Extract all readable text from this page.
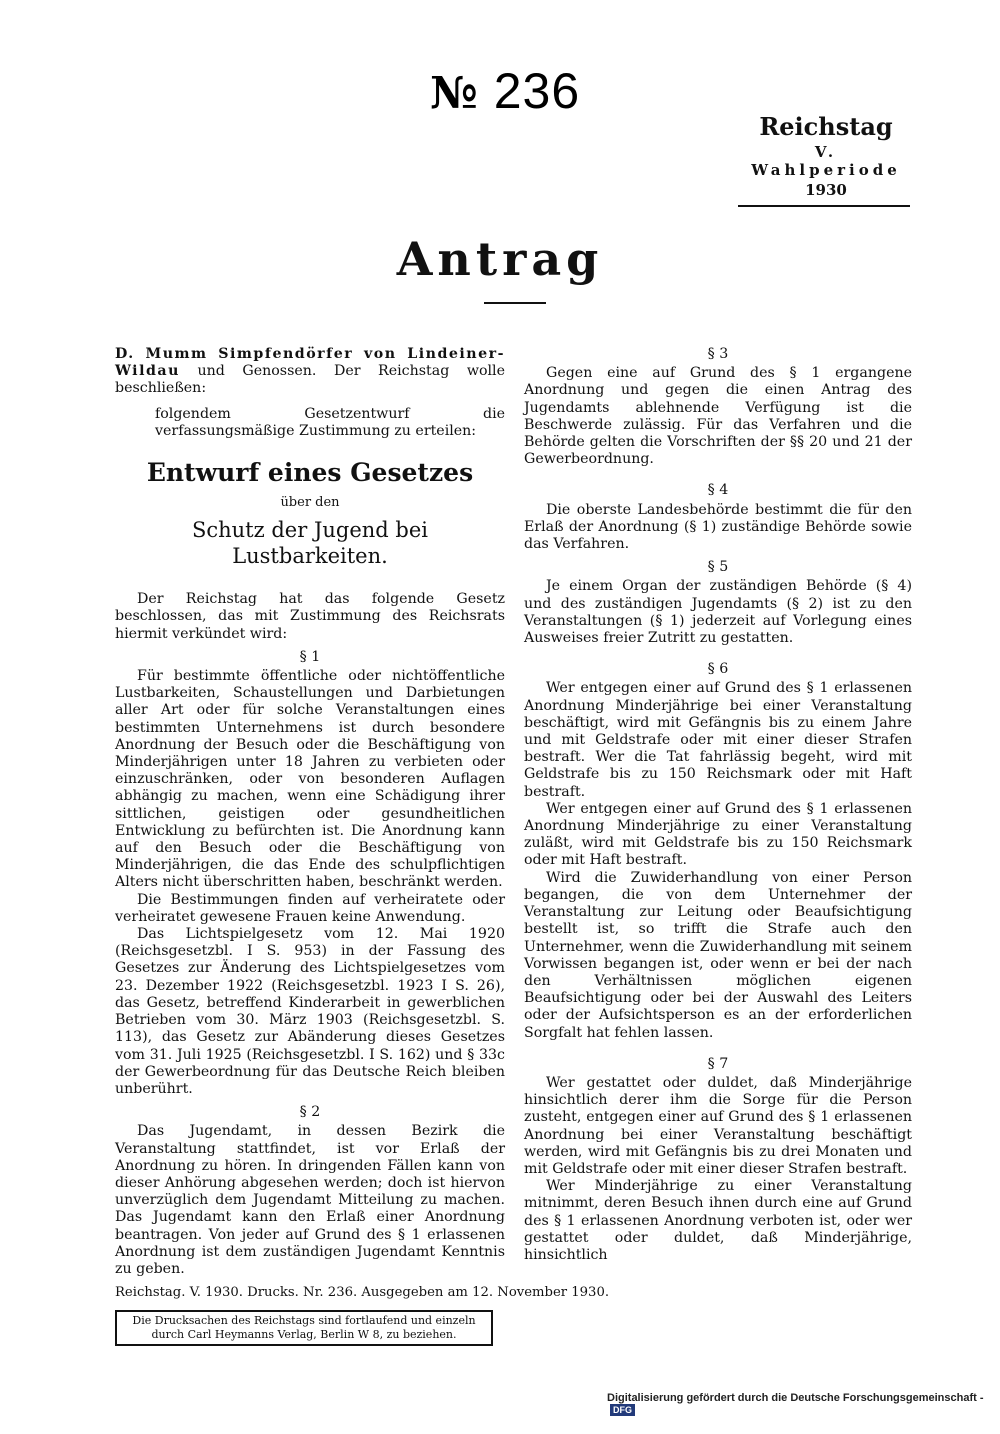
№ 236
Reichstag
V. Wahlperiode
1930
Antrag

D. Mumm Simpfendörfer von Lindeiner-Wildau und Genossen. Der Reichstag wolle beschließen:

folgendem Gesetzentwurf die verfassungsmäßige Zustimmung zu erteilen:

Entwurf eines Gesetzes
über den
Schutz der Jugend bei Lustbarkeiten.

Der Reichstag hat das folgende Gesetz beschlossen, das mit Zustimmung des Reichsrats hiermit verkündet wird:

§ 1

Für bestimmte öffentliche oder nichtöffentliche Lustbarkeiten, Schaustellungen und Darbietungen aller Art oder für solche Veranstaltungen eines bestimmten Unternehmens ist durch besondere Anordnung der Besuch oder die Beschäftigung von Minderjährigen unter 18 Jahren zu verbieten oder einzuschränken, oder von besonderen Auflagen abhängig zu machen, wenn eine Schädigung ihrer sittlichen, geistigen oder gesundheitlichen Entwicklung zu befürchten ist. Die Anordnung kann auf den Besuch oder die Beschäftigung von Minderjährigen, die das Ende des schulpflichtigen Alters nicht überschritten haben, beschränkt werden.

Die Bestimmungen finden auf verheiratete oder verheiratet gewesene Frauen keine Anwendung.

Das Lichtspielgesetz vom 12. Mai 1920 (Reichsgesetzbl. I S. 953) in der Fassung des Gesetzes zur Änderung des Lichtspielgesetzes vom 23. Dezember 1922 (Reichsgesetzbl. 1923 I S. 26), das Gesetz, betreffend Kinderarbeit in gewerblichen Betrieben vom 30. März 1903 (Reichsgesetzbl. S. 113), das Gesetz zur Abänderung dieses Gesetzes vom 31. Juli 1925 (Reichsgesetzbl. I S. 162) und § 33c der Gewerbeordnung für das Deutsche Reich bleiben unberührt.

§ 2

Das Jugendamt, in dessen Bezirk die Veranstaltung stattfindet, ist vor Erlaß der Anordnung zu hören. In dringenden Fällen kann von dieser Anhörung abgesehen werden; doch ist hiervon unverzüglich dem Jugendamt Mitteilung zu machen. Das Jugendamt kann den Erlaß einer Anordnung beantragen. Von jeder auf Grund des § 1 erlassenen Anordnung ist dem zuständigen Jugendamt Kenntnis zu geben.

§ 3

Gegen eine auf Grund des § 1 ergangene Anordnung und gegen die einen Antrag des Jugendamts ablehnende Verfügung ist die Beschwerde zulässig. Für das Verfahren und die Behörde gelten die Vorschriften der §§ 20 und 21 der Gewerbeordnung.

§ 4

Die oberste Landesbehörde bestimmt die für den Erlaß der Anordnung (§ 1) zuständige Behörde sowie das Verfahren.

§ 5

Je einem Organ der zuständigen Behörde (§ 4) und des zuständigen Jugendamts (§ 2) ist zu den Veranstaltungen (§ 1) jederzeit auf Vorlegung eines Ausweises freier Zutritt zu gestatten.

§ 6

Wer entgegen einer auf Grund des § 1 erlassenen Anordnung Minderjährige bei einer Veranstaltung beschäftigt, wird mit Gefängnis bis zu einem Jahre und mit Geldstrafe oder mit einer dieser Strafen bestraft. Wer die Tat fahrlässig begeht, wird mit Geldstrafe bis zu 150 Reichsmark oder mit Haft bestraft.

Wer entgegen einer auf Grund des § 1 erlassenen Anordnung Minderjährige zu einer Veranstaltung zuläßt, wird mit Geldstrafe bis zu 150 Reichsmark oder mit Haft bestraft.

Wird die Zuwiderhandlung von einer Person begangen, die von dem Unternehmer der Veranstaltung zur Leitung oder Beaufsichtigung bestellt ist, so trifft die Strafe auch den Unternehmer, wenn die Zuwiderhandlung mit seinem Vorwissen begangen ist, oder wenn er bei der nach den Verhältnissen möglichen eigenen Beaufsichtigung oder bei der Auswahl des Leiters oder der Aufsichtsperson es an der erforderlichen Sorgfalt hat fehlen lassen.

§ 7

Wer gestattet oder duldet, daß Minderjährige hinsichtlich derer ihm die Sorge für die Person zusteht, entgegen einer auf Grund des § 1 erlassenen Anordnung bei einer Veranstaltung beschäftigt werden, wird mit Gefängnis bis zu drei Monaten und mit Geldstrafe oder mit einer dieser Strafen bestraft.

Wer Minderjährige zu einer Veranstaltung mitnimmt, deren Besuch ihnen durch eine auf Grund des § 1 erlassenen Anordnung verboten ist, oder wer gestattet oder duldet, daß Minderjährige, hinsichtlich

Reichstag. V. 1930. Drucks. Nr. 236. Ausgegeben am 12. November 1930.
Die Drucksachen des Reichstags sind fortlaufend und einzeln
durch Carl Heymanns Verlag, Berlin W 8, zu beziehen.
Digitalisierung gefördert durch die Deutsche Forschungsgemeinschaft - DFG
